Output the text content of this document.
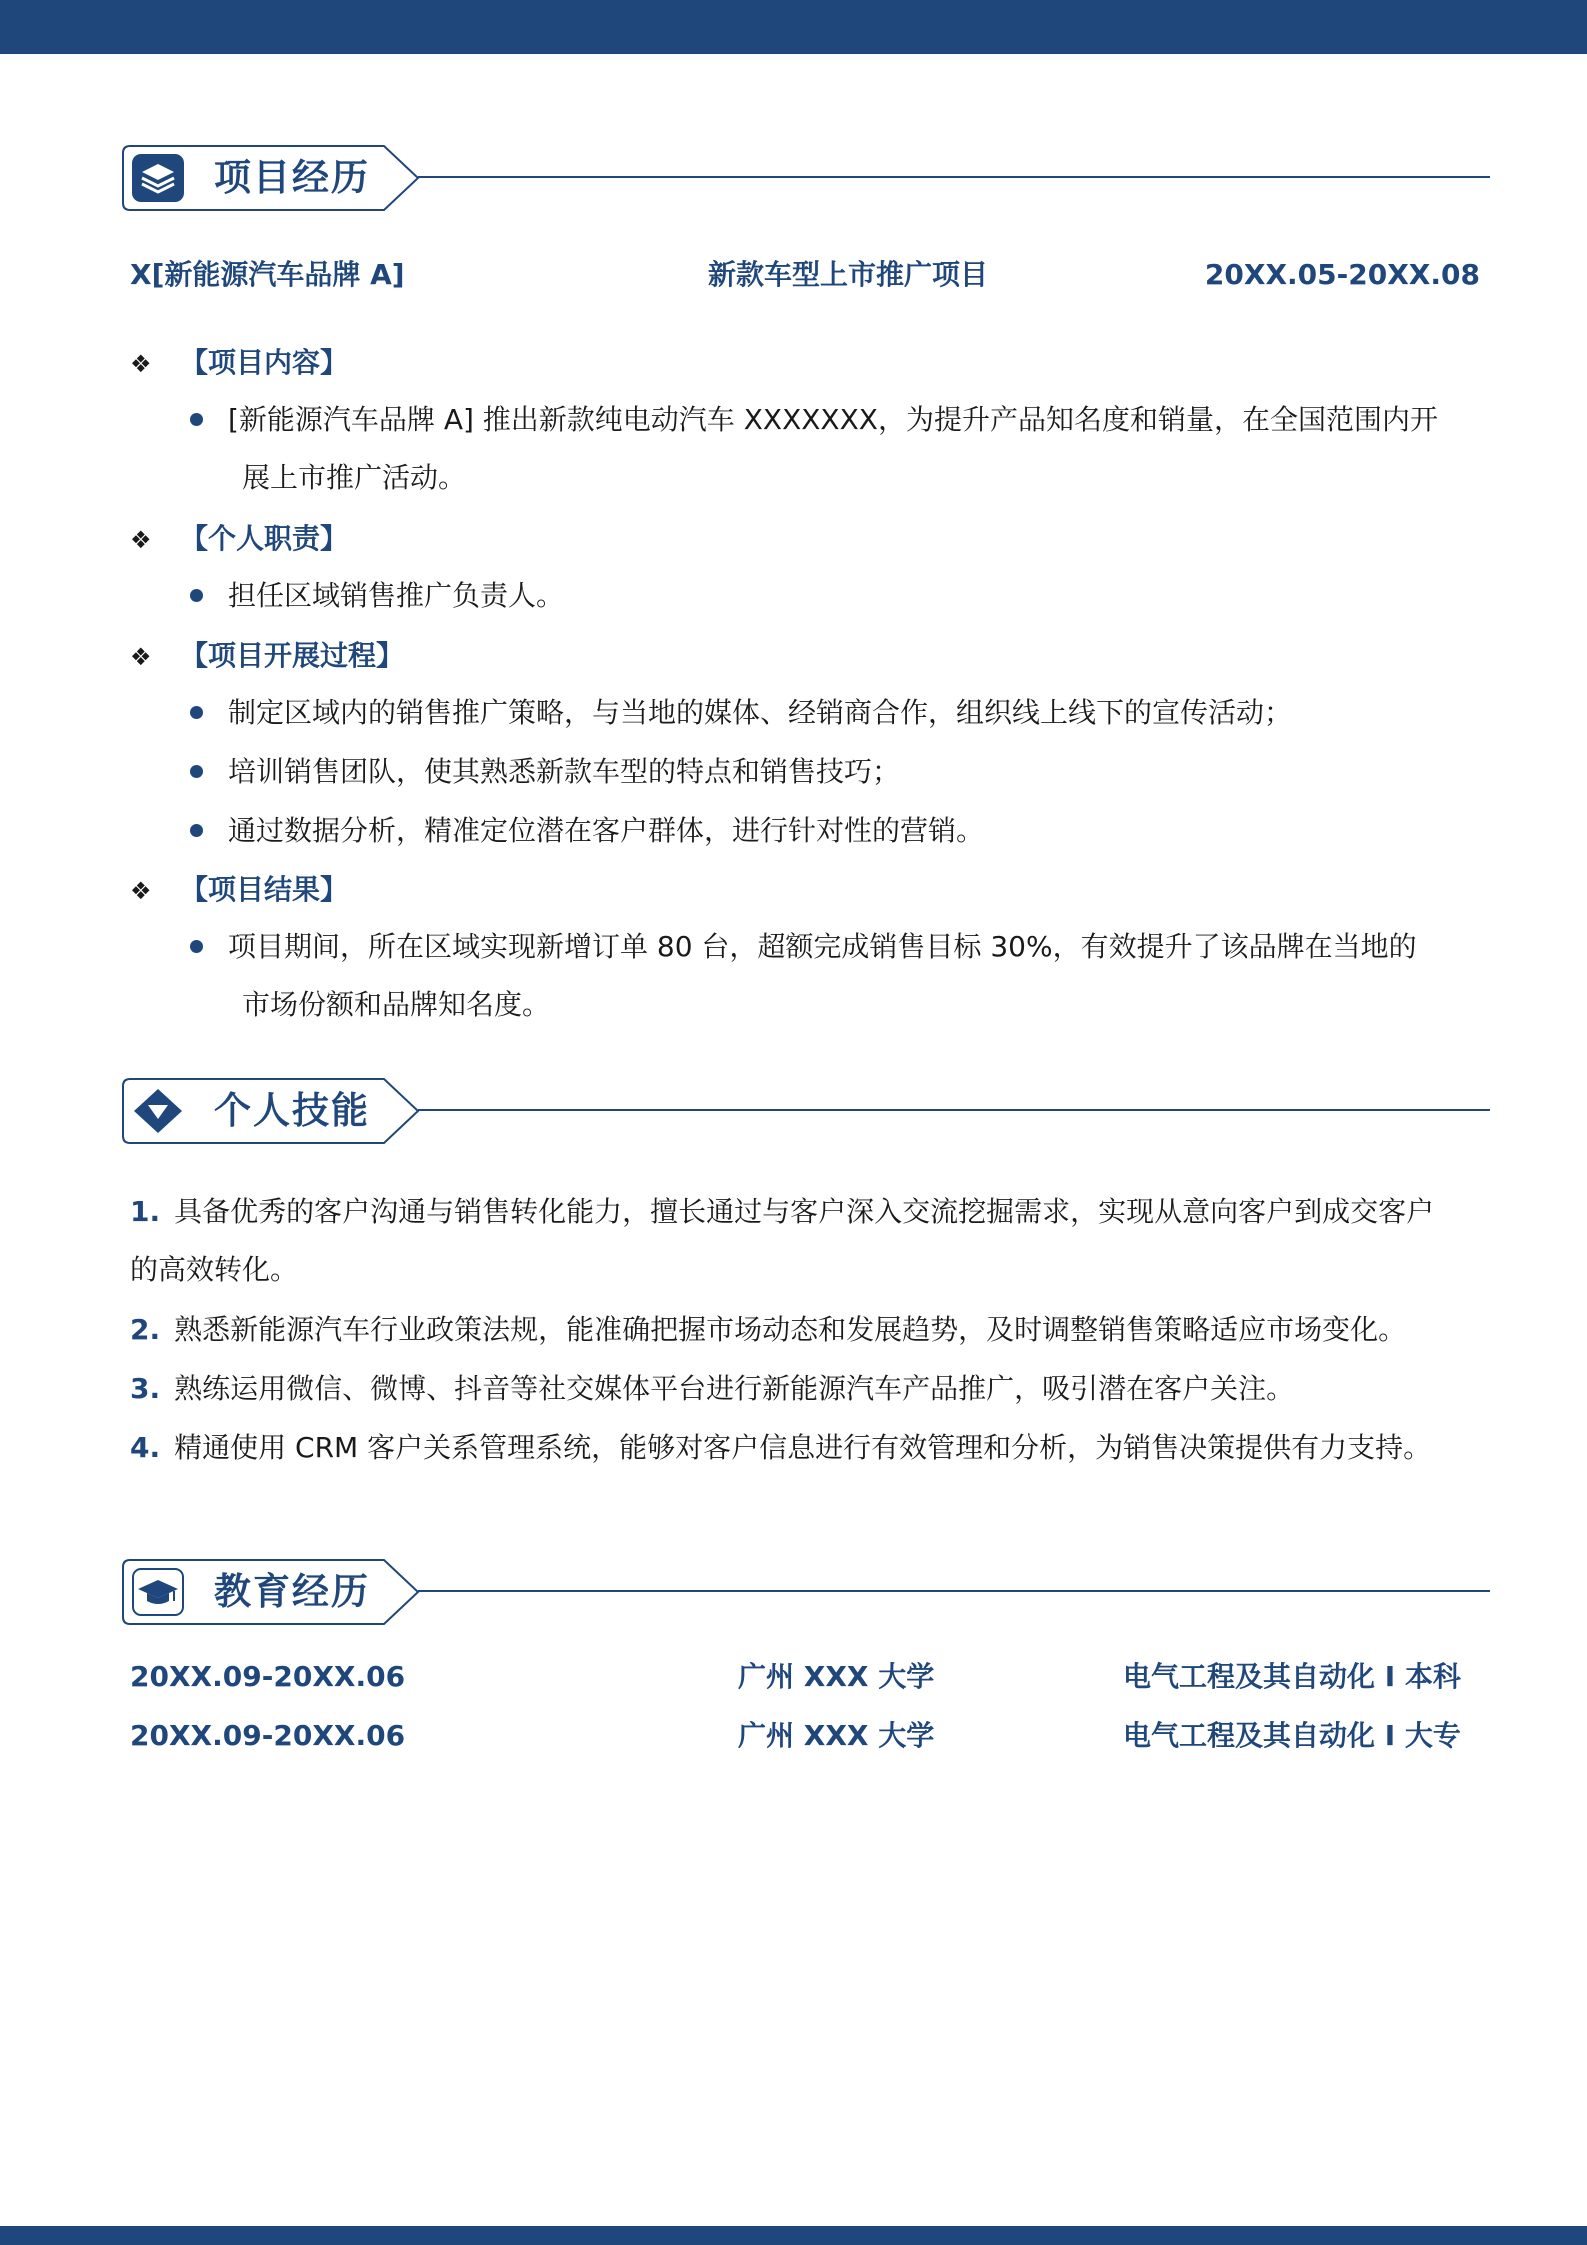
项目经历
X[新能源汽车品牌 A]	新款车型上市推广项目	20XX.05-20XX.08
❖ 【项目内容】
[新能源汽车品牌 A] 推出新款纯电动汽车 XXXXXXX，为提升产品知名度和销量，在全国范围内开
展上市推广活动。
❖ 【个人职责】
担任区域销售推广负责人。
❖ 【项目开展过程】
制定区域内的销售推广策略，与当地的媒体、经销商合作，组织线上线下的宣传活动；
培训销售团队，使其熟悉新款车型的特点和销售技巧；
通过数据分析，精准定位潜在客户群体，进行针对性的营销。
❖ 【项目结果】
项目期间，所在区域实现新增订单 80 台，超额完成销售目标 30%，有效提升了该品牌在当地的
市场份额和品牌知名度。
个人技能
1. 具备优秀的客户沟通与销售转化能力，擅长通过与客户深入交流挖掘需求，实现从意向客户到成交客户
的高效转化。
2. 熟悉新能源汽车行业政策法规，能准确把握市场动态和发展趋势，及时调整销售策略适应市场变化。
3. 熟练运用微信、微博、抖音等社交媒体平台进行新能源汽车产品推广，吸引潜在客户关注。
4. 精通使用 CRM 客户关系管理系统，能够对客户信息进行有效管理和分析，为销售决策提供有力支持。
教育经历
20XX.09-20XX.06	广州 XXX 大学	电气工程及其自动化 I 本科
20XX.09-20XX.06	广州 XXX 大学	电气工程及其自动化 I 大专
